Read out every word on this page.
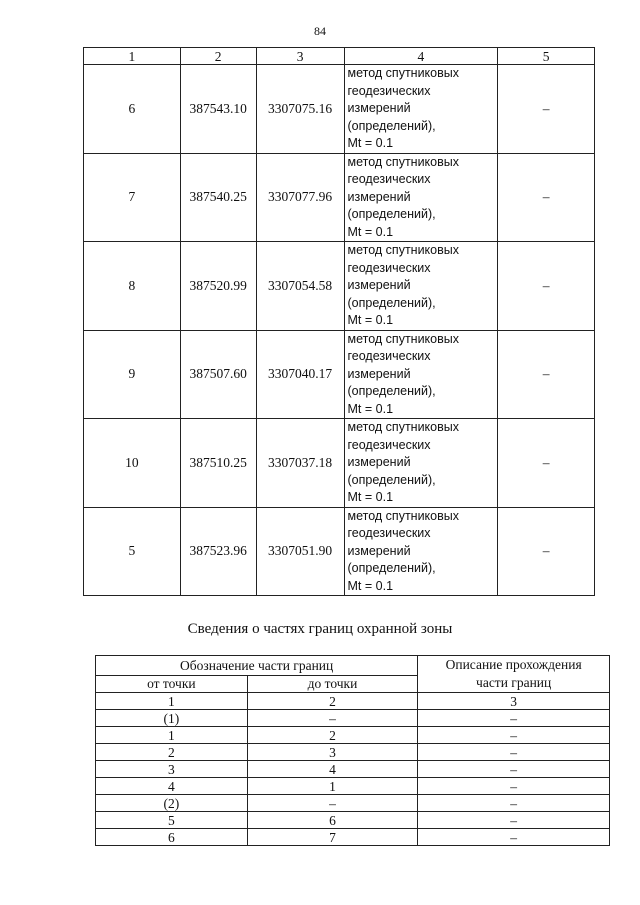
84
1	2	3	4	5
6	387543.10	3307075.16	метод спутниковых
геодезических
измерений
(определений),
Mt = 0.1	–
7	387540.25	3307077.96	метод спутниковых
геодезических
измерений
(определений),
Mt = 0.1	–
8	387520.99	3307054.58	метод спутниковых
геодезических
измерений
(определений),
Mt = 0.1	–
9	387507.60	3307040.17	метод спутниковых
геодезических
измерений
(определений),
Mt = 0.1	–
10	387510.25	3307037.18	метод спутниковых
геодезических
измерений
(определений),
Mt = 0.1	–
5	387523.96	3307051.90	метод спутниковых
геодезических
измерений
(определений),
Mt = 0.1	–
Сведения о частях границ охранной зоны
Обозначение части границ		Описание прохождения
части границ
от точки	до точки	
1	2	3
(1)	–	–
1	2	–
2	3	–
3	4	–
4	1	–
(2)	–	–
5	6	–
6	7	–
